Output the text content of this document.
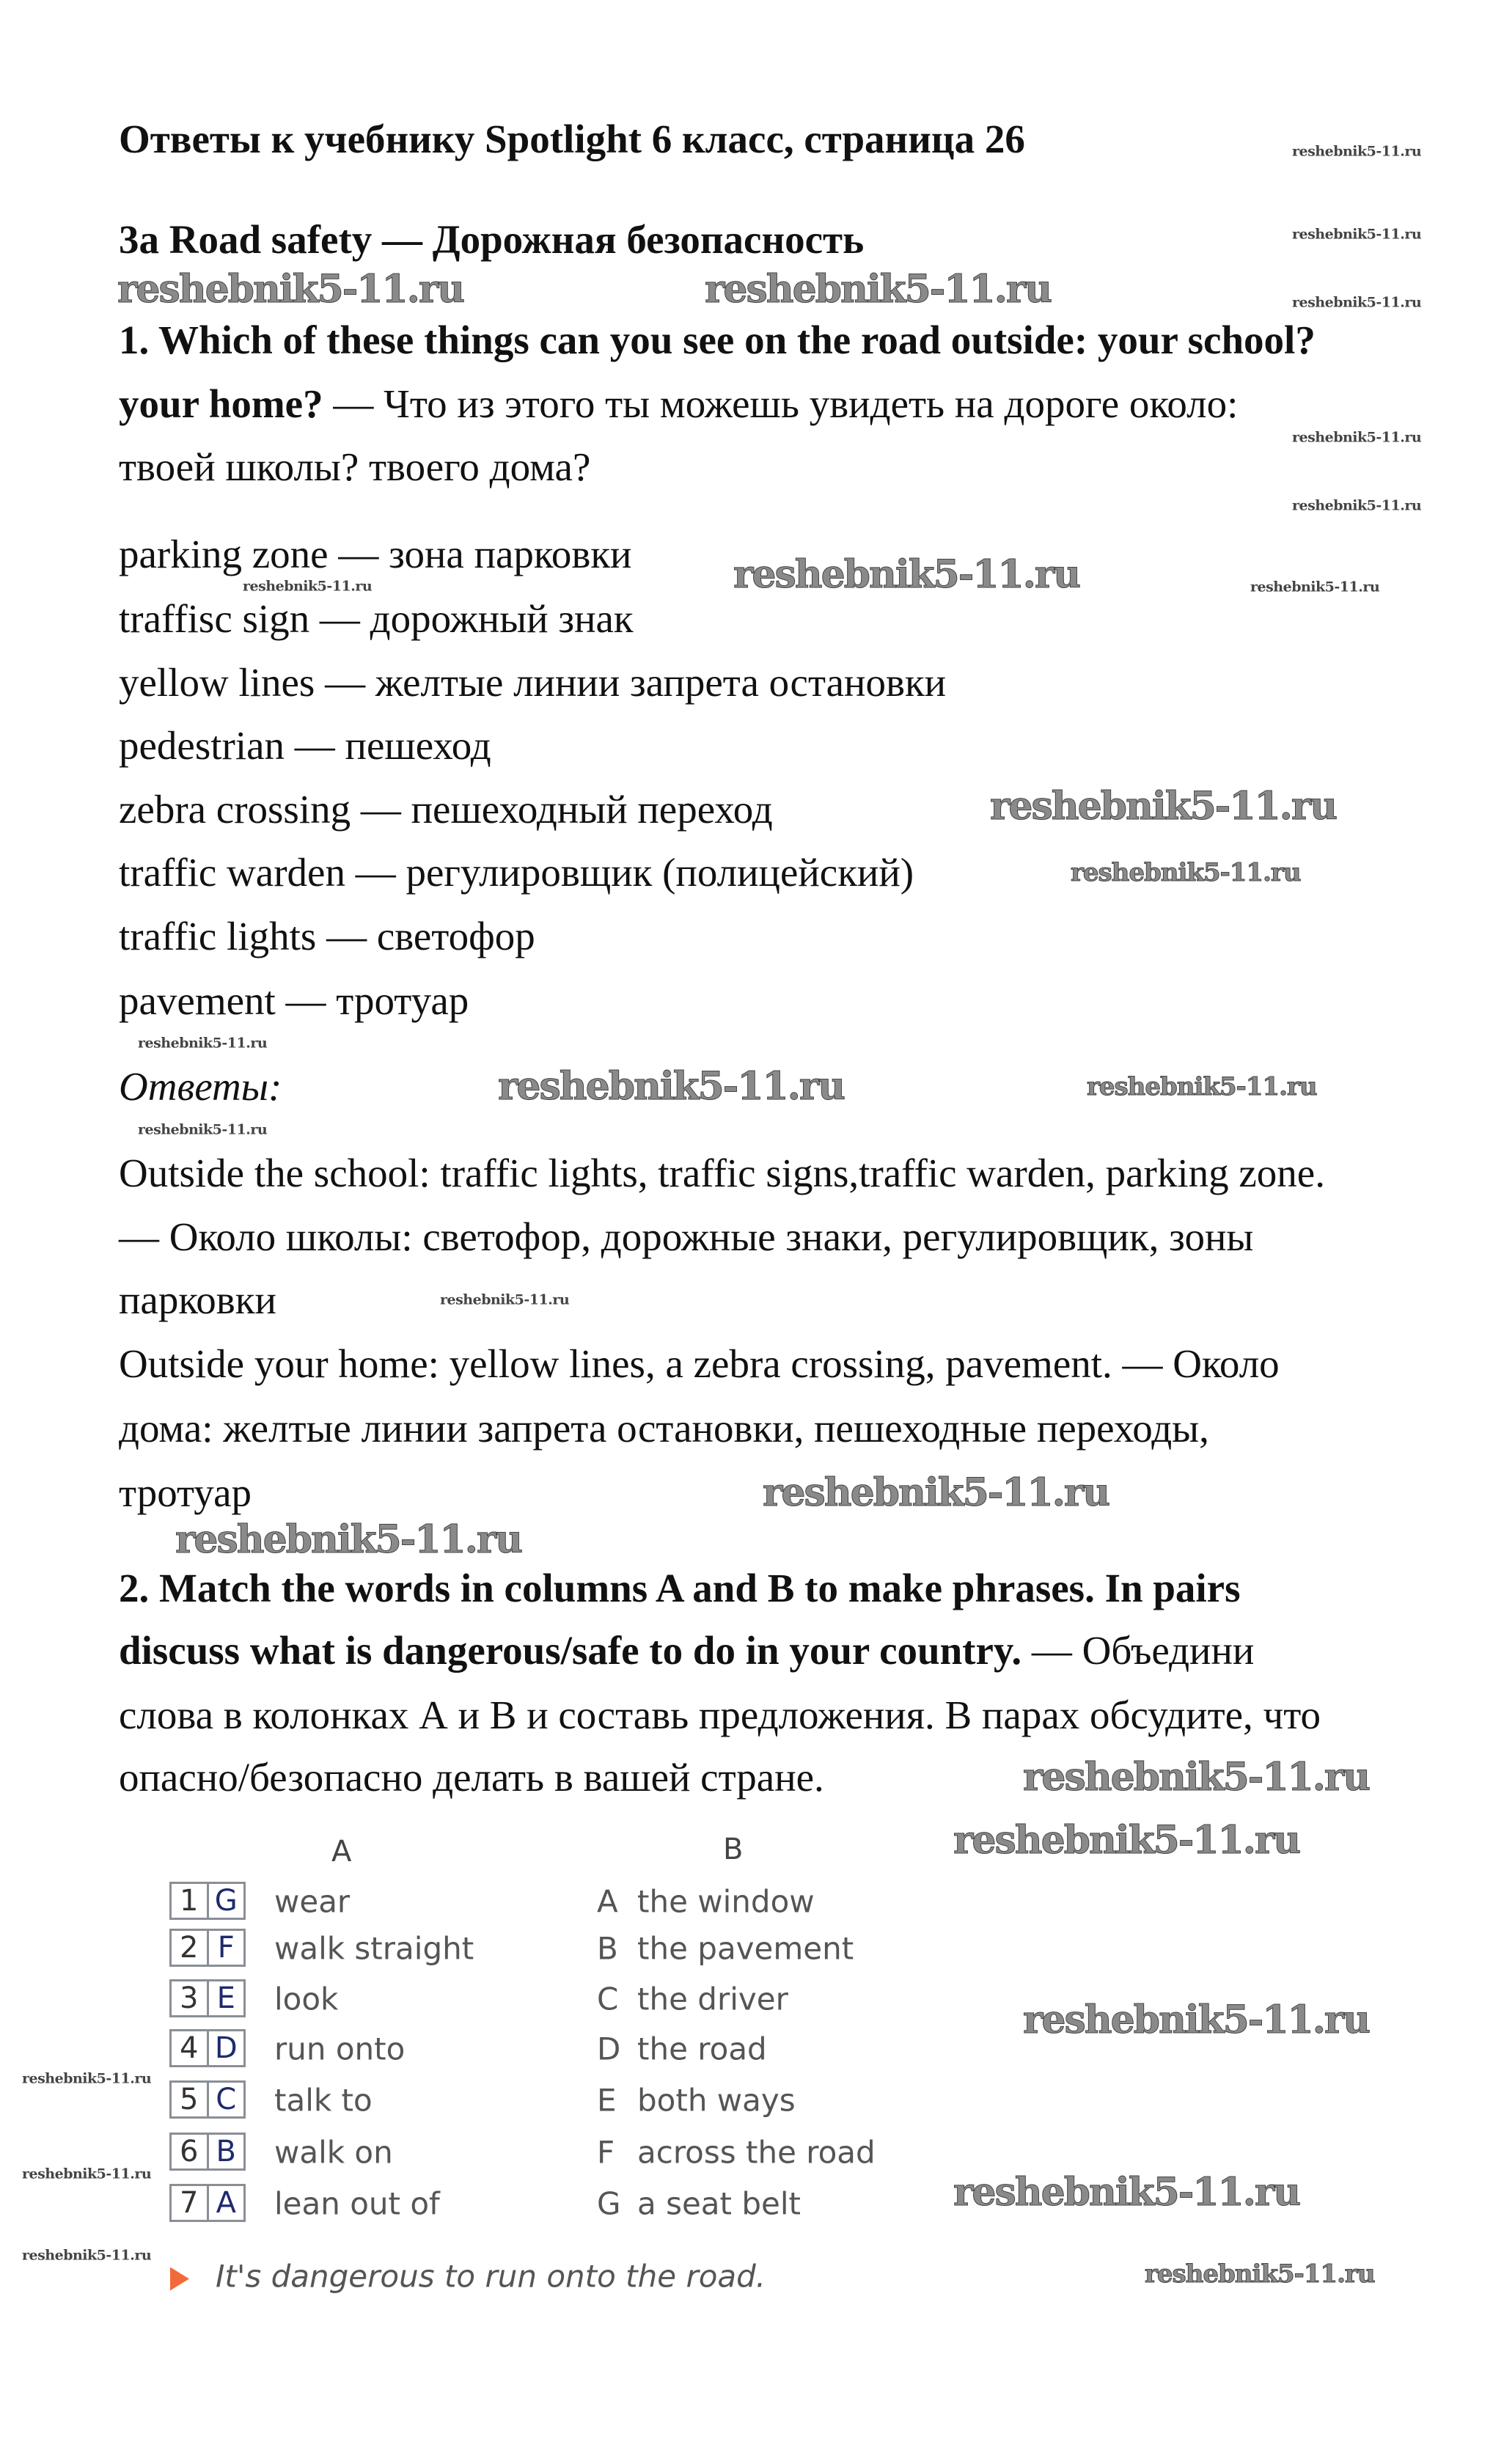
Ответы к учебнику Spotlight 6 класс, страница 26
3a Road safety — Дорожная безопасность
1. Which of these things can you see on the road outside: your school?
your home? — Что из этого ты можешь увидеть на дороге около:
твоей школы? твоего дома?
parking zone — зона парковки
traffisc sign — дорожный знак
yellow lines — желтые линии запрета остановки
pedestrian — пешеход
zebra crossing — пешеходный переход
traffic warden — регулировщик (полицейский)
traffic lights — светофор
pavement — тротуар
Ответы:
Outside the school: traffic lights, traffic signs,traffic warden, parking zone.
— Около школы: светофор, дорожные знаки, регулировщик, зоны
парковки
Outside your home: yellow lines, a zebra crossing, pavement. — Около
дома: желтые линии запрета остановки, пешеходные переходы,
тротуар
2. Match the words in columns A and B to make phrases. In pairs
discuss what is dangerous/safe to do in your country. — Объедини
слова в колонках А и В и составь предложения. В парах обсудите, что
опасно/безопасно делать в вашей стране.
A	B
1 G wear	A the window
2 F walk straight	B the pavement
3 E look	C the driver
4 D run onto	D the road
5 C talk to	E both ways
6 B walk on	F across the road
7 A lean out of	G a seat belt
It's dangerous to run onto the road.
reshebnik5-11.ru	reshebnik5-11.ru
reshebnik5-11.ru
reshebnik5-11.ru
reshebnik5-11.ru
reshebnik5-11.ru
reshebnik5-11.ru
reshebnik5-11.ru
reshebnik5-11.ru
reshebnik5-11.ru
reshebnik5-11.ru
reshebnik5-11.ru
reshebnik5-11.ru
reshebnik5-11.ru
reshebnik5-11.ru
reshebnik5-11.ru
reshebnik5-11.ru
reshebnik5-11.ru
reshebnik5-11.ru
reshebnik5-11.ru
reshebnik5-11.ru
reshebnik5-11.ru
reshebnik5-11.ru
reshebnik5-11.ru
reshebnik5-11.ru
reshebnik5-11.ru
reshebnik5-11.ru
